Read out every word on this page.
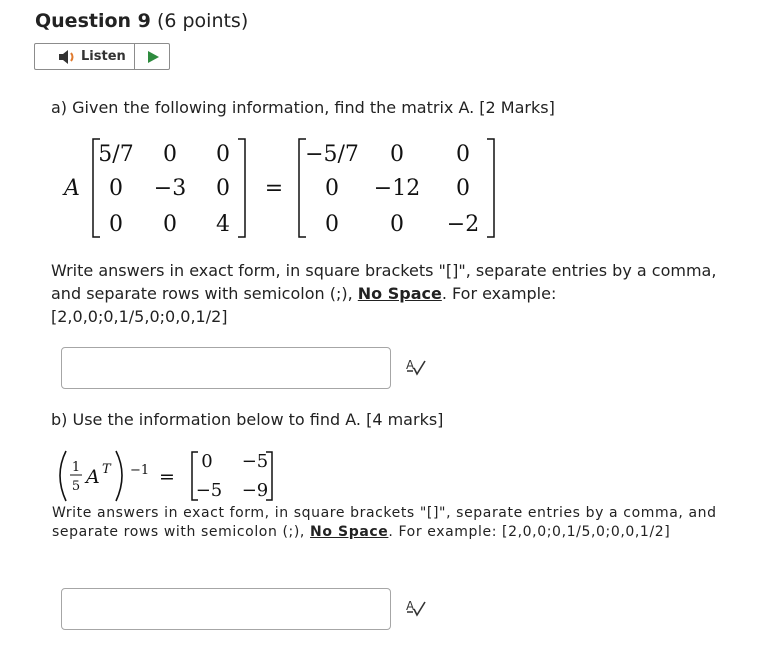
Question 9 (6 points)
Listen
a) Given the following information, find the matrix A. [2 Marks]
A
5/7 0 0
0 −3 0
0 0 4
=
−5/7 0 0
0 −12 0
0 0 −2
Write answers in exact form, in square brackets "[]", separate entries by a comma,
and separate rows with semicolon (;), No Space. For example:
[2,0,0;0,1/5,0;0,0,1/2]
A
b) Use the information below to find A. [4 marks]
1
5 A T −1 =
0 −5
−5 −9
Write answers in exact form, in square brackets "[]", separate entries by a comma, and
separate rows with semicolon (;), No Space. For example: [2,0,0;0,1/5,0;0,0,1/2]
A
